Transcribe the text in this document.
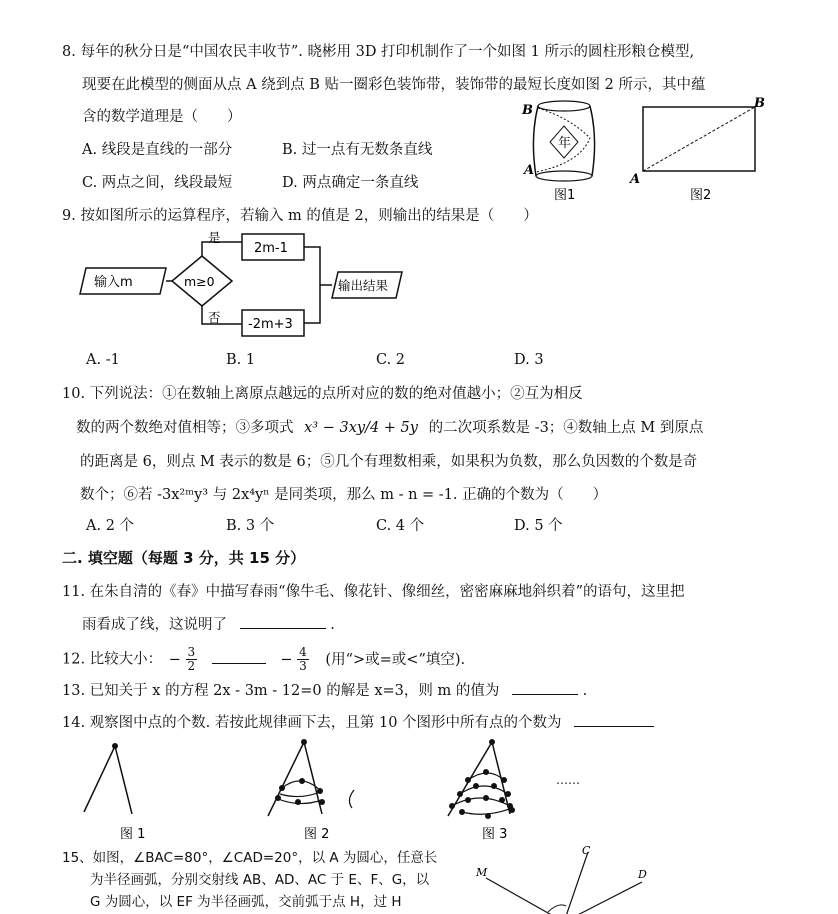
8. 每年的秋分日是“中国农民丰收节”. 晓彬用 3D 打印机制作了一个如图 1 所示的圆柱形粮仓模型,
现要在此模型的侧面从点 A 绕到点 B 贴一圈彩色装饰带，装饰带的最短长度如图 2 所示，其中蕴
含的数学道理是（　　）
A. 线段是直线的一部分	B. 过一点有无数条直线
C. 两点之间，线段最短	D. 两点确定一条直线
年
B
A
图1
B
A
图2
9. 按如图所示的运算程序，若输入 m 的值是 2，则输出的结果是（　　）
输入m	m≥0
是
2m-1
否 -2m+3
输出结果
A. -1	B. 1	C. 2	D. 3
10. 下列说法：①在数轴上离原点越远的点所对应的数的绝对值越小；②互为相反
数的两个数绝对值相等；③多项式 x³ − 3xy/4 + 5y 的二次项系数是 -3；④数轴上点 M 到原点
的距离是 6，则点 M 表示的数是 6；⑤几个有理数相乘，如果积为负数，那么负因数的个数是奇
数个；⑥若 -3x²ᵐy³ 与 2x⁴yⁿ 是同类项，那么 m - n = -1. 正确的个数为（　　）
A. 2 个	B. 3 个	C. 4 个	D. 5 个
二. 填空题（每题 3 分，共 15 分）
11. 在朱自清的《春》中描写春雨“像牛毛、像花针、像细丝，密密麻麻地斜织着”的语句，这里把
雨看成了线，这说明了	.
12. 比较大小： − $\frac{3}{2}$	− $\frac{4}{3}$ (用“>或=或<”填空).
13. 已知关于 x 的方程 2x - 3m - 12=0 的解是 x=3，则 m 的值为	.
14. 观察图中点的个数. 若按此规律画下去，且第 10 个图形中所有点的个数为
图 1	图 2	图 3
……
15、如图，∠BAC=80°，∠CAD=20°，以 A 为圆心，任意长
为半径画弧，分别交射线 AB、AD、AC 于 E、F、G，以
G 为圆心，以 EF 为半径画弧，交前弧于点 H，过 H
C
M	D
